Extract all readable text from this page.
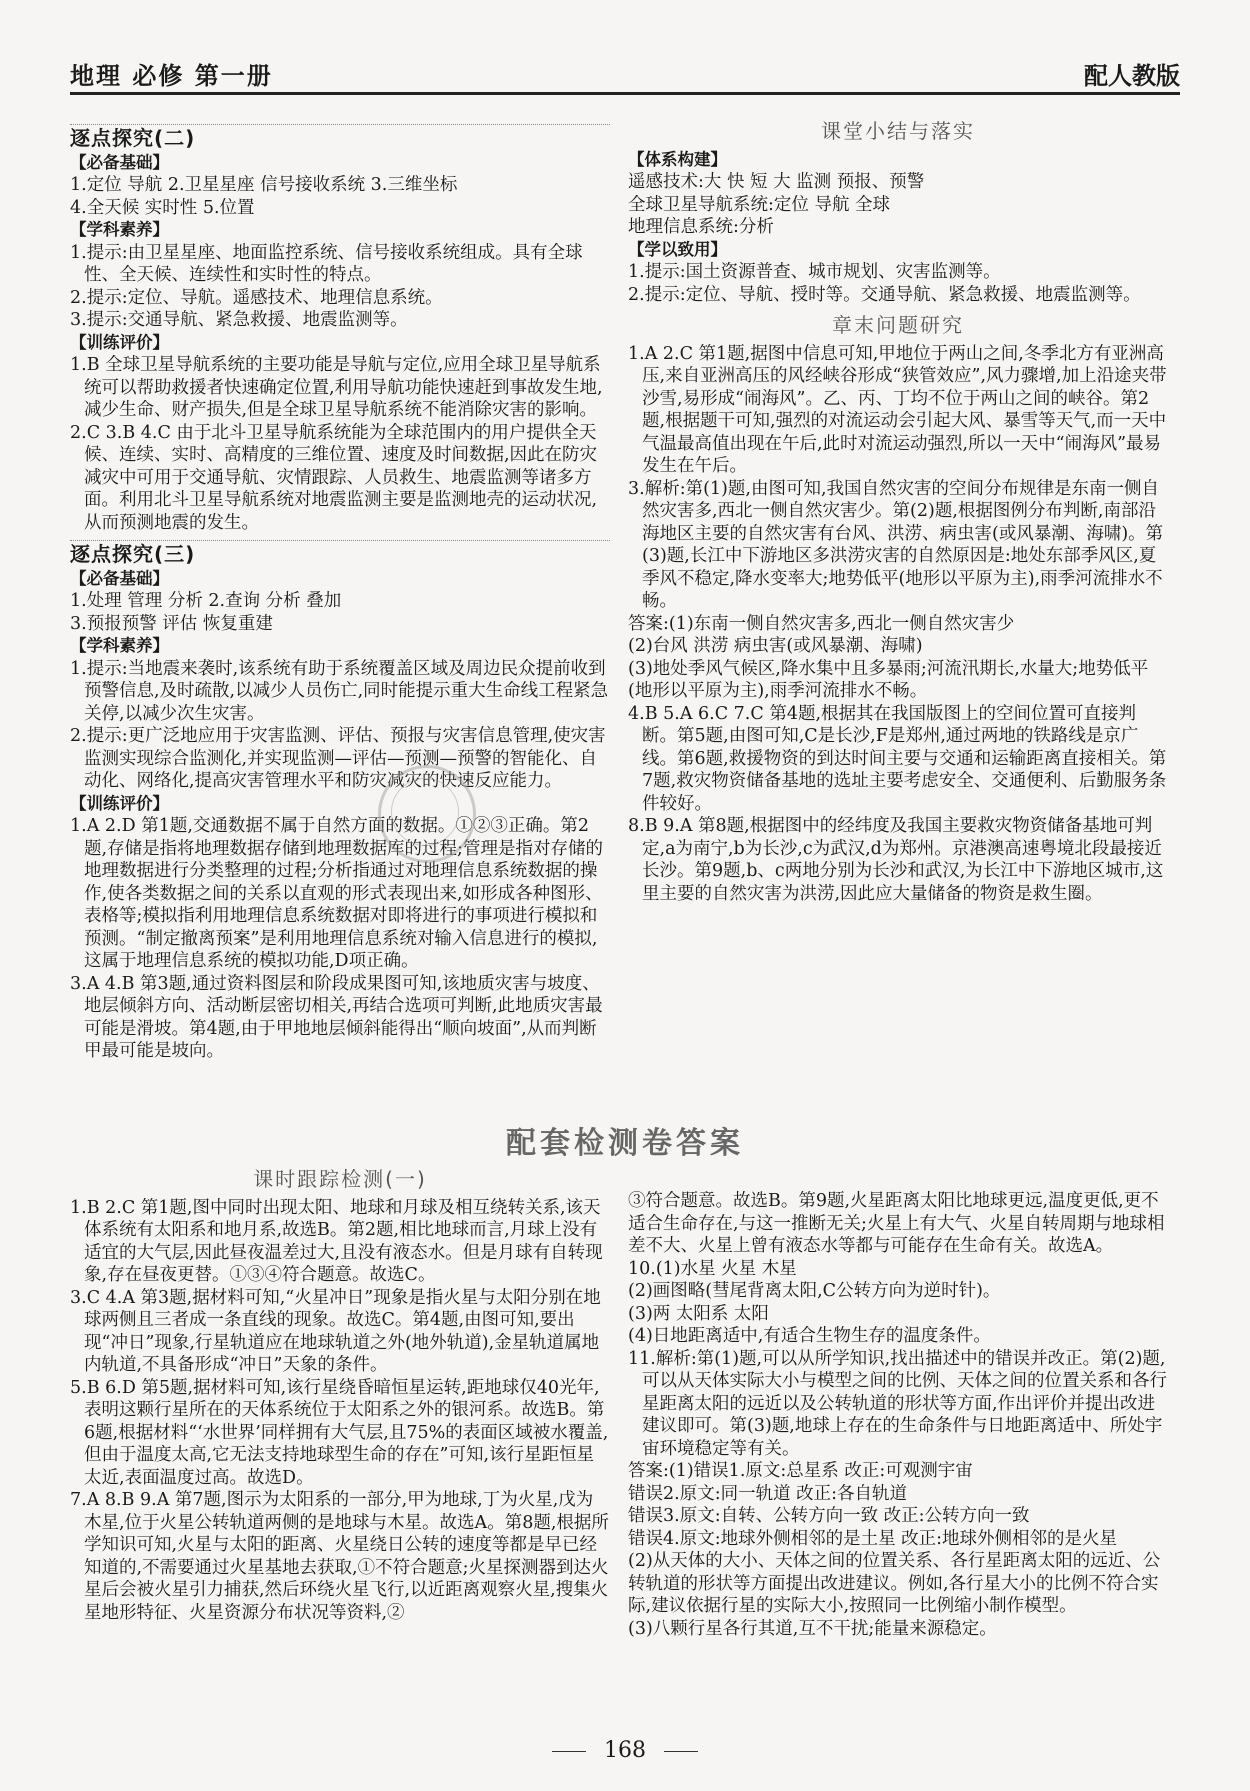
地理 必修 第一册	配人教版
逐点探究(二)

【必备基础】

1.定位 导航 2.卫星星座 信号接收系统 3.三维坐标

4.全天候 实时性 5.位置

【学科素养】

1.提示:由卫星星座、地面监控系统、信号接收系统组成。具有全球性、全天候、连续性和实时性的特点。

2.提示:定位、导航。遥感技术、地理信息系统。

3.提示:交通导航、紧急救援、地震监测等。

【训练评价】

1.B 全球卫星导航系统的主要功能是导航与定位,应用全球卫星导航系统可以帮助救援者快速确定位置,利用导航功能快速赶到事故发生地,减少生命、财产损失,但是全球卫星导航系统不能消除灾害的影响。

2.C 3.B 4.C 由于北斗卫星导航系统能为全球范围内的用户提供全天候、连续、实时、高精度的三维位置、速度及时间数据,因此在防灾减灾中可用于交通导航、灾情跟踪、人员救生、地震监测等诸多方面。利用北斗卫星导航系统对地震监测主要是监测地壳的运动状况,从而预测地震的发生。

逐点探究(三)

【必备基础】

1.处理 管理 分析 2.查询 分析 叠加

3.预报预警 评估 恢复重建

【学科素养】

1.提示:当地震来袭时,该系统有助于系统覆盖区域及周边民众提前收到预警信息,及时疏散,以减少人员伤亡,同时能提示重大生命线工程紧急关停,以减少次生灾害。

2.提示:更广泛地应用于灾害监测、评估、预报与灾害信息管理,使灾害监测实现综合监测化,并实现监测—评估—预测—预警的智能化、自动化、网络化,提高灾害管理水平和防灾减灾的快速反应能力。

【训练评价】

1.A 2.D 第1题,交通数据不属于自然方面的数据。①②③正确。第2题,存储是指将地理数据存储到地理数据库的过程;管理是指对存储的地理数据进行分类整理的过程;分析指通过对地理信息系统数据的操作,使各类数据之间的关系以直观的形式表现出来,如形成各种图形、表格等;模拟指利用地理信息系统数据对即将进行的事项进行模拟和预测。“制定撤离预案”是利用地理信息系统对输入信息进行的模拟,这属于地理信息系统的模拟功能,D项正确。

3.A 4.B 第3题,通过资料图层和阶段成果图可知,该地质灾害与坡度、地层倾斜方向、活动断层密切相关,再结合选项可判断,此地质灾害最可能是滑坡。第4题,由于甲地地层倾斜能得出“顺向坡面”,从而判断甲最可能是坡向。

课堂小结与落实

【体系构建】

遥感技术:大 快 短 大 监测 预报、预警

全球卫星导航系统:定位 导航 全球

地理信息系统:分析

【学以致用】

1.提示:国土资源普查、城市规划、灾害监测等。

2.提示:定位、导航、授时等。交通导航、紧急救援、地震监测等。

章末问题研究

1.A 2.C 第1题,据图中信息可知,甲地位于两山之间,冬季北方有亚洲高压,来自亚洲高压的风经峡谷形成“狭管效应”,风力骤增,加上沿途夹带沙雪,易形成“闹海风”。乙、丙、丁均不位于两山之间的峡谷。第2题,根据题干可知,强烈的对流运动会引起大风、暴雪等天气,而一天中气温最高值出现在午后,此时对流运动强烈,所以一天中“闹海风”最易发生在午后。

3.解析:第(1)题,由图可知,我国自然灾害的空间分布规律是东南一侧自然灾害多,西北一侧自然灾害少。第(2)题,根据图例分布判断,南部沿海地区主要的自然灾害有台风、洪涝、病虫害(或风暴潮、海啸)。第(3)题,长江中下游地区多洪涝灾害的自然原因是:地处东部季风区,夏季风不稳定,降水变率大;地势低平(地形以平原为主),雨季河流排水不畅。

答案:(1)东南一侧自然灾害多,西北一侧自然灾害少

(2)台风 洪涝 病虫害(或风暴潮、海啸)

(3)地处季风气候区,降水集中且多暴雨;河流汛期长,水量大;地势低平(地形以平原为主),雨季河流排水不畅。

4.B 5.A 6.C 7.C 第4题,根据其在我国版图上的空间位置可直接判断。第5题,由图可知,C是长沙,F是郑州,通过两地的铁路线是京广线。第6题,救援物资的到达时间主要与交通和运输距离直接相关。第7题,救灾物资储备基地的选址主要考虑安全、交通便利、后勤服务条件较好。

8.B 9.A 第8题,根据图中的经纬度及我国主要救灾物资储备基地可判定,a为南宁,b为长沙,c为武汉,d为郑州。京港澳高速粤境北段最接近长沙。第9题,b、c两地分别为长沙和武汉,为长江中下游地区城市,这里主要的自然灾害为洪涝,因此应大量储备的物资是救生圈。

配套检测卷答案
课时跟踪检测(一)

1.B 2.C 第1题,图中同时出现太阳、地球和月球及相互绕转关系,该天体系统有太阳系和地月系,故选B。第2题,相比地球而言,月球上没有适宜的大气层,因此昼夜温差过大,且没有液态水。但是月球有自转现象,存在昼夜更替。①③④符合题意。故选C。

3.C 4.A 第3题,据材料可知,“火星冲日”现象是指火星与太阳分别在地球两侧且三者成一条直线的现象。故选C。第4题,由图可知,要出现“冲日”现象,行星轨道应在地球轨道之外(地外轨道),金星轨道属地内轨道,不具备形成“冲日”天象的条件。

5.B 6.D 第5题,据材料可知,该行星绕昏暗恒星运转,距地球仅40光年,表明这颗行星所在的天体系统位于太阳系之外的银河系。故选B。第6题,根据材料“‘水世界’同样拥有大气层,且75%的表面区域被水覆盖,但由于温度太高,它无法支持地球型生命的存在”可知,该行星距恒星太近,表面温度过高。故选D。

7.A 8.B 9.A 第7题,图示为太阳系的一部分,甲为地球,丁为火星,戊为木星,位于火星公转轨道两侧的是地球与木星。故选A。第8题,根据所学知识可知,火星与太阳的距离、火星绕日公转的速度等都是早已经知道的,不需要通过火星基地去获取,①不符合题意;火星探测器到达火星后会被火星引力捕获,然后环绕火星飞行,以近距离观察火星,搜集火星地形特征、火星资源分布状况等资料,②

③符合题意。故选B。第9题,火星距离太阳比地球更远,温度更低,更不适合生命存在,与这一推断无关;火星上有大气、火星自转周期与地球相差不大、火星上曾有液态水等都与可能存在生命有关。故选A。

10.(1)水星 火星 木星

(2)画图略(彗尾背离太阳,C公转方向为逆时针)。

(3)两 太阳系 太阳

(4)日地距离适中,有适合生物生存的温度条件。

11.解析:第(1)题,可以从所学知识,找出描述中的错误并改正。第(2)题,可以从天体实际大小与模型之间的比例、天体之间的位置关系和各行星距离太阳的远近以及公转轨道的形状等方面,作出评价并提出改进建议即可。第(3)题,地球上存在的生命条件与日地距离适中、所处宇宙环境稳定等有关。

答案:(1)错误1.原文:总星系 改正:可观测宇宙

错误2.原文:同一轨道 改正:各自轨道

错误3.原文:自转、公转方向一致 改正:公转方向一致

错误4.原文:地球外侧相邻的是土星 改正:地球外侧相邻的是火星

(2)从天体的大小、天体之间的位置关系、各行星距离太阳的远近、公转轨道的形状等方面提出改进建议。例如,各行星大小的比例不符合实际,建议依据行星的实际大小,按照同一比例缩小制作模型。

(3)八颗行星各行其道,互不干扰;能量来源稳定。

168
